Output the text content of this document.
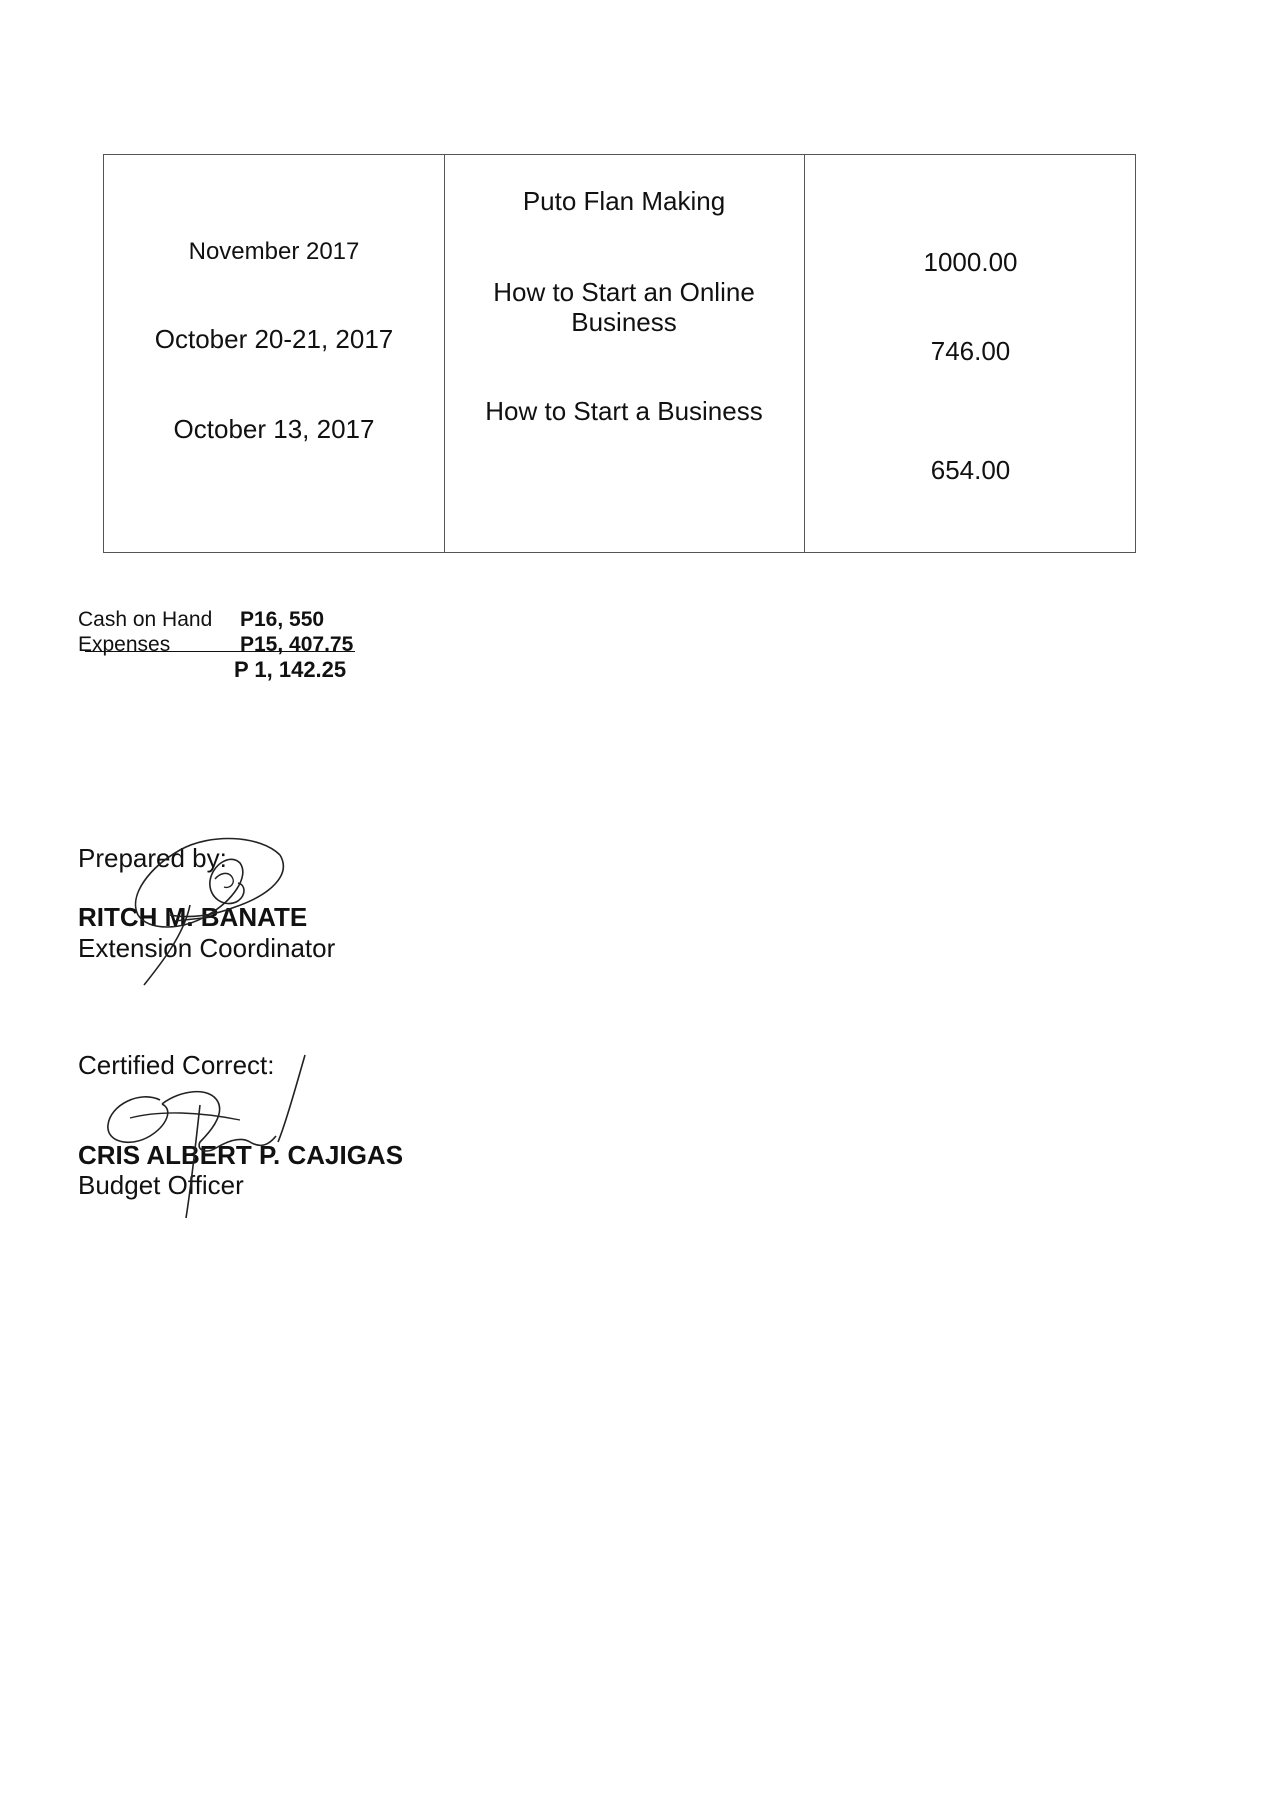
November 2017
October 20-21, 2017
October 13, 2017
Puto Flan Making
How to Start an Online
Business
How to Start a Business
1000.00
746.00
654.00
Cash on Hand P16, 550
Expenses	P15, 407.75
P 1, 142.25
Prepared by:
RITCH M. BANATE
Extension Coordinator
Certified Correct:
CRIS ALBERT P. CAJIGAS
Budget Officer
